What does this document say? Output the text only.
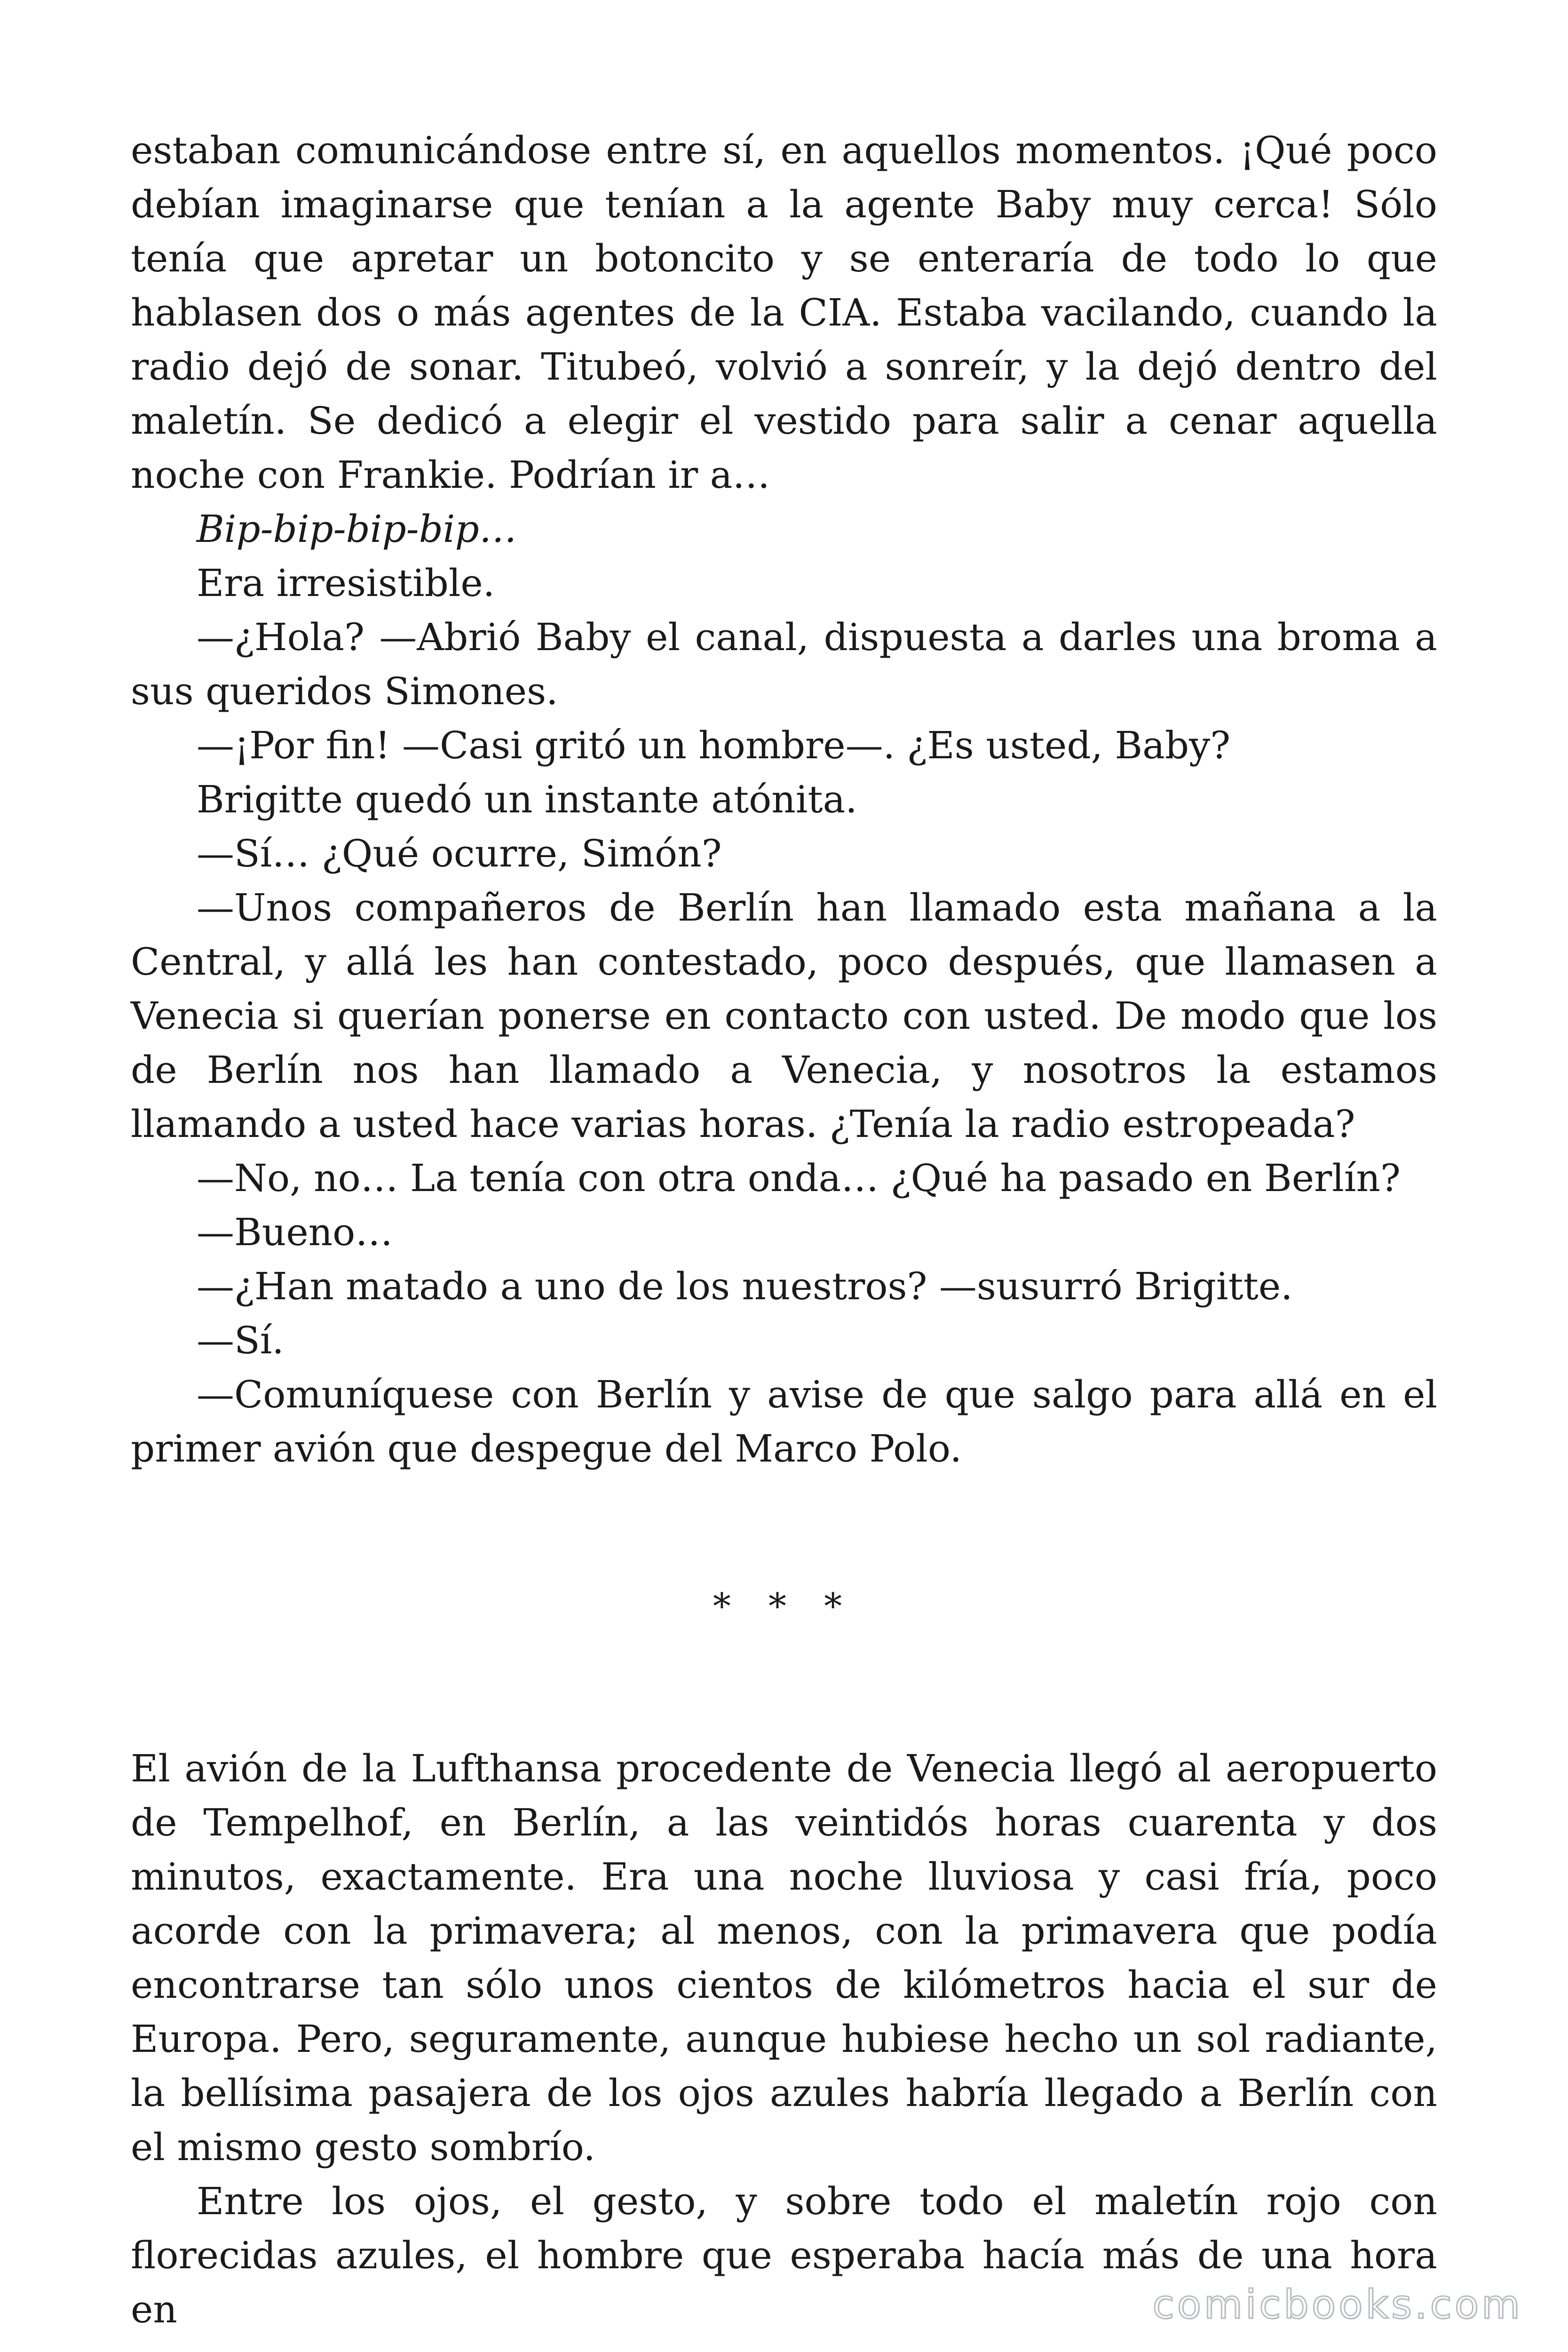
estaban comunicándose entre sí, en aquellos momentos. ¡Qué poco debían imaginarse que tenían a la agente Baby muy cerca! Sólo tenía que apretar un botoncito y se enteraría de todo lo que hablasen dos o más agentes de la CIA. Estaba vacilando, cuando la radio dejó de sonar. Titubeó, volvió a sonreír, y la dejó dentro del maletín. Se dedicó a elegir el vestido para salir a cenar aquella noche con Frankie. Podrían ir a…

Bip-bip-bip-bip…

Era irresistible.

—¿Hola? —Abrió Baby el canal, dispuesta a darles una broma a sus queridos Simones.

—¡Por fin! —Casi gritó un hombre—. ¿Es usted, Baby?

Brigitte quedó un instante atónita.

—Sí… ¿Qué ocurre, Simón?

—Unos compañeros de Berlín han llamado esta mañana a la Central, y allá les han contestado, poco después, que llamasen a Venecia si querían ponerse en contacto con usted. De modo que los de Berlín nos han llamado a Venecia, y nosotros la estamos llamando a usted hace varias horas. ¿Tenía la radio estropeada?

—No, no… La tenía con otra onda… ¿Qué ha pasado en Berlín?

—Bueno…

—¿Han matado a uno de los nuestros? —susurró Brigitte.

—Sí.

—Comuníquese con Berlín y avise de que salgo para allá en el primer avión que despegue del Marco Polo.

* * *

El avión de la Lufthansa procedente de Venecia llegó al aeropuerto de Tempelhof, en Berlín, a las veintidós horas cuarenta y dos minutos, exactamente. Era una noche lluviosa y casi fría, poco acorde con la primavera; al menos, con la primavera que podía encontrarse tan sólo unos cientos de kilómetros hacia el sur de Europa. Pero, seguramente, aunque hubiese hecho un sol radiante, la bellísima pasajera de los ojos azules habría llegado a Berlín con el mismo gesto sombrío.

Entre los ojos, el gesto, y sobre todo el maletín rojo con florecidas azules, el hombre que esperaba hacía más de una hora en	comicbooks.com
